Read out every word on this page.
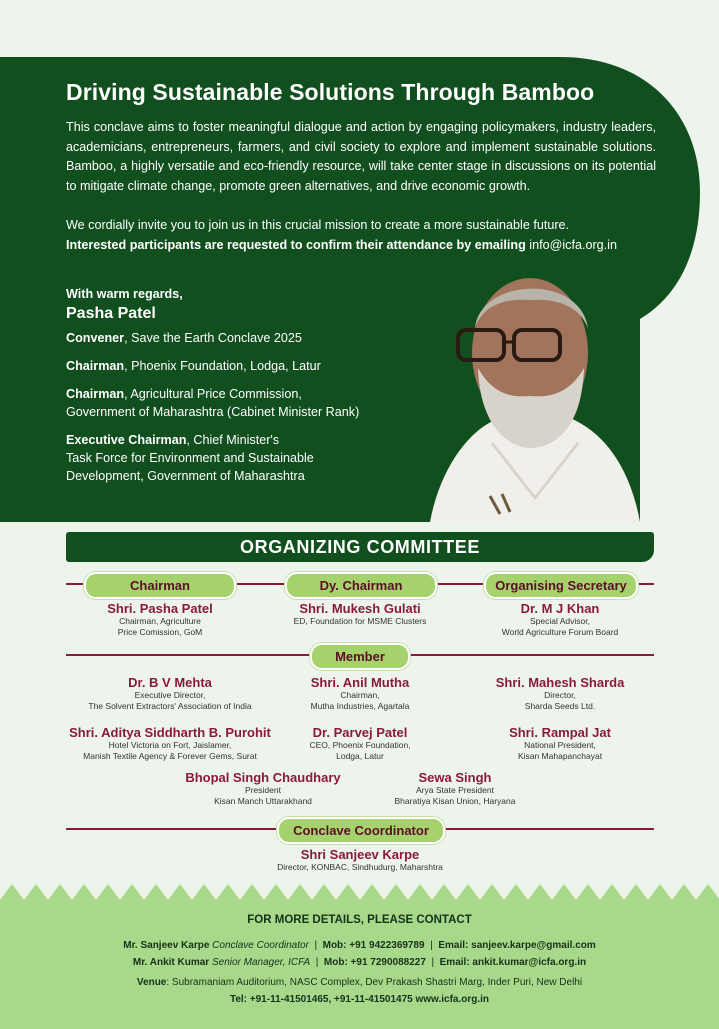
Driving Sustainable Solutions Through Bamboo
This conclave aims to foster meaningful dialogue and action by engaging policymakers, industry leaders, academicians, entrepreneurs, farmers, and civil society to explore and implement sustainable solutions. Bamboo, a highly versatile and eco-friendly resource, will take center stage in discussions on its potential to mitigate climate change, promote green alternatives, and drive economic growth.
We cordially invite you to join us in this crucial mission to create a more sustainable future.
Interested participants are requested to confirm their attendance by emailing info@icfa.org.in
With warm regards,
Pasha Patel
Convener, Save the Earth Conclave 2025
Chairman, Phoenix Foundation, Lodga, Latur
Chairman, Agricultural Price Commission,
Government of Maharashtra (Cabinet Minister Rank)
Executive Chairman, Chief Minister's
Task Force for Environment and Sustainable
Development, Government of Maharashtra
ORGANIZING COMMITTEE
Chairman	Dy. Chairman	Organising Secretary
Shri. Pasha Patel
Chairman, Agriculture
Price Comission, GoM
Shri. Mukesh Gulati
ED, Foundation for MSME Clusters
Dr. M J Khan
Special Advisor,
World Agriculture Forum Board
Member
Dr. B V Mehta
Executive Director,
The Solvent Extractors' Association of India
Shri. Anil Mutha
Chairman,
Mutha Industries, Agartala
Shri. Mahesh Sharda
Director,
Sharda Seeds Ltd.
Shri. Aditya Siddharth B. Purohit
Hotel Victoria on Fort, Jaislamer,
Manish Textile Agency & Forever Gems, Surat
Dr. Parvej Patel
CEO, Phoenix Foundation,
Lodga, Latur
Shri. Rampal Jat
National President,
Kisan Mahapanchayat
Bhopal Singh Chaudhary
President
Kisan Manch Uttarakhand
Sewa Singh
Arya State President
Bharatiya Kisan Union, Haryana
Conclave Coordinator
Shri Sanjeev Karpe
Director, KONBAC, Sindhudurg, Maharshtra
FOR MORE DETAILS, PLEASE CONTACT
Mr. Sanjeev Karpe Conclave Coordinator  |  Mob: +91 9422369789  |  Email: sanjeev.karpe@gmail.com
Mr. Ankit Kumar Senior Manager, ICFA  |  Mob: +91 7290088227  |  Email: ankit.kumar@icfa.org.in
Venue: Subramaniam Auditorium, NASC Complex, Dev Prakash Shastri Marg, Inder Puri, New Delhi
Tel: +91-11-41501465, +91-11-41501475 www.icfa.org.in
